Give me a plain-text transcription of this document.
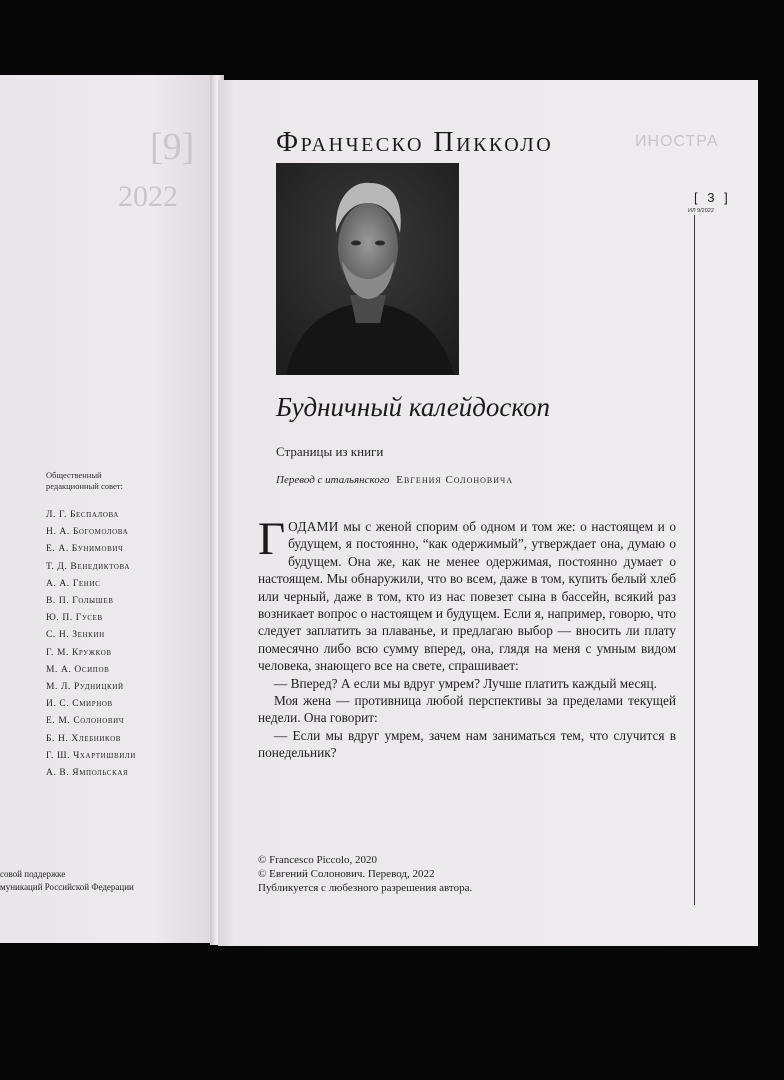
[9]
2022
Общественный
редакционный совет:
Л. Г. Беспалова
Н. А. Богомолова
Е. А. Бунимович
Т. Д. Венедиктова
А. А. Генис
В. П. Голышев
Ю. П. Гусев
С. Н. Зенкин
Г. М. Кружков
М. А. Осипов
М. Л. Рудницкий
И. С. Смирнов
Е. М. Солонович
Б. Н. Хлебников
Г. Ш. Чхартишвили
А. В. Ямпольская
совой поддержке
муникаций Российской Федерации
ИНОСТРА
Франческо Пикколо
[ 3 ]
ИЛ 9/2022
Будничный калейдоскоп
Страницы из книги
Перевод с итальянского Евгения Солоновича

ГОДАМИ мы с женой спорим об одном и том же: о настоящем и о будущем, я постоянно, “как одержимый”, утверждает она, думаю о будущем. Она же, как не менее одержимая, постоянно думает о настоящем. Мы обнаружили, что во всем, даже в том, купить белый хлеб или черный, даже в том, кто из нас повезет сына в бассейн, всякий раз возникает вопрос о настоящем и будущем. Если я, например, говорю, что следует заплатить за плаванье, и предлагаю выбор — вносить ли плату помесячно либо всю сумму вперед, она, глядя на меня с умным видом человека, знающего все на свете, спрашивает:

— Вперед? А если мы вдруг умрем? Лучше платить каждый месяц.

Моя жена — противница любой перспективы за пределами текущей недели. Она говорит:

— Если мы вдруг умрем, зачем нам заниматься тем, что случится в понедельник?

© Francesco Piccolo, 2020
© Евгений Солонович. Перевод, 2022
Публикуется с любезного разрешения автора.
